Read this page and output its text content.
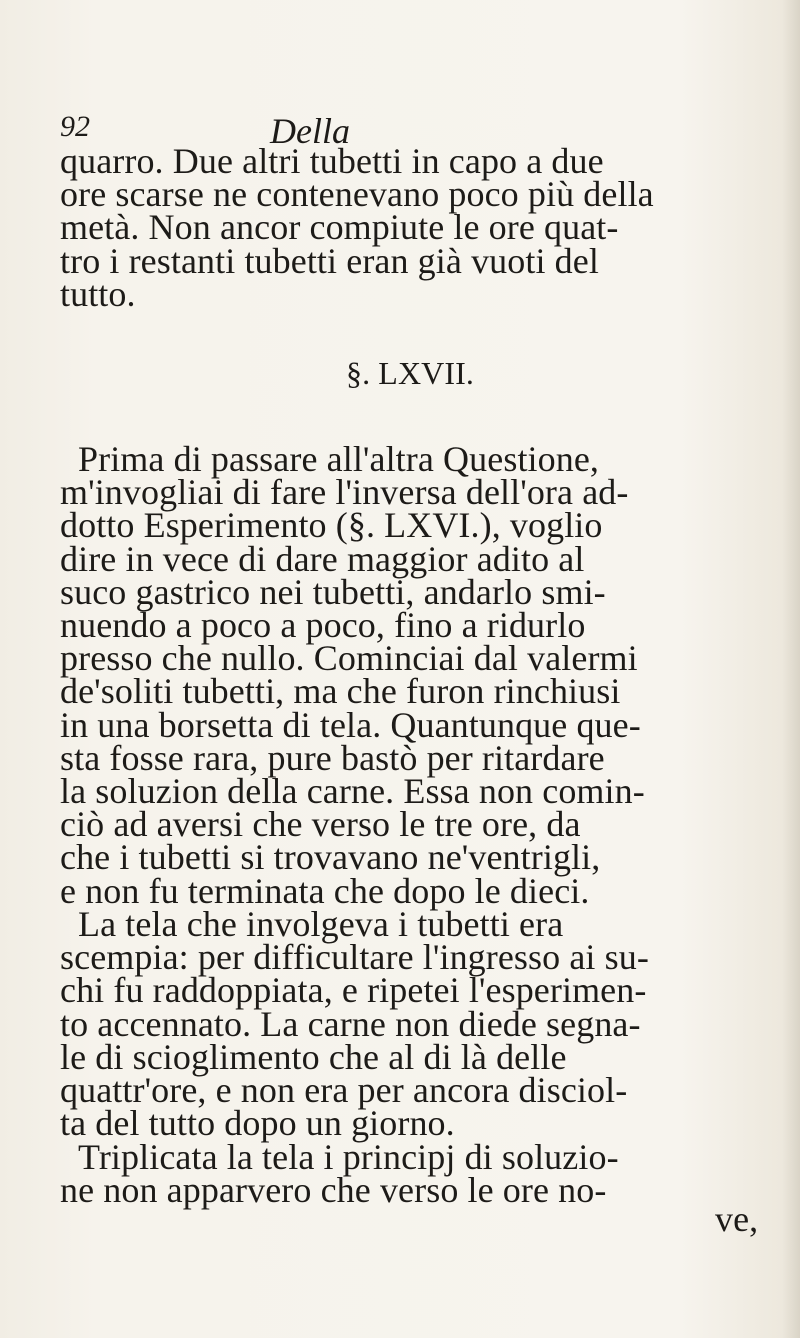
92	Della
quarro. Due altri tubetti in capo a due
ore scarse ne contenevano poco più della
metà. Non ancor compiute le ore quat-
tro i restanti tubetti eran già vuoti del
tutto.
§. LXVII.
Prima di passare all'altra Questione,
m'invogliai di fare l'inversa dell'ora ad-
dotto Esperimento (§. LXVI.), voglio
dire in vece di dare maggior adito al
suco gastrico nei tubetti, andarlo smi-
nuendo a poco a poco, fino a ridurlo
presso che nullo. Cominciai dal valermi
de'soliti tubetti, ma che furon rinchiusi
in una borsetta di tela. Quantunque que-
sta fosse rara, pure bastò per ritardare
la soluzion della carne. Essa non comin-
ciò ad aversi che verso le tre ore, da
che i tubetti si trovavano ne'ventrigli,
e non fu terminata che dopo le dieci.
La tela che involgeva i tubetti era
scempia: per difficultare l'ingresso ai su-
chi fu raddoppiata, e ripetei l'esperimen-
to accennato. La carne non diede segna-
le di scioglimento che al di là delle
quattr'ore, e non era per ancora disciol-
ta del tutto dopo un giorno.
Triplicata la tela i principj di soluzio-
ne non apparvero che verso le ore no-
ve,
